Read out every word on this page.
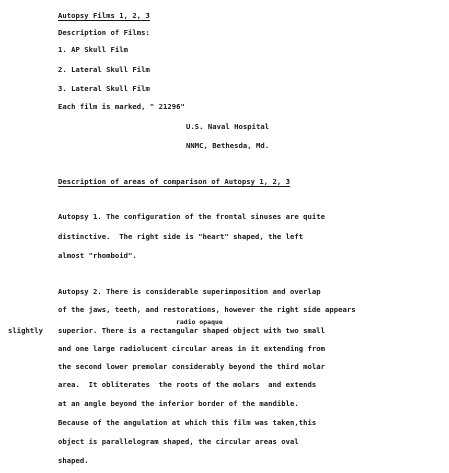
Autopsy Films 1, 2, 3
Description of Films:
1. AP Skull Film
2. Lateral Skull Film
3. Lateral Skull Film
Each film is marked, " 21296"
U.S. Naval Hospital
NNMC, Bethesda, Md.
Description of areas of comparison of Autopsy 1, 2, 3
Autopsy 1. The configuration of the frontal sinuses are quite
distinctive.  The right side is "heart" shaped, the left
almost "rhomboid".
Autopsy 2. There is considerable superimposition and overlap
of the jaws, teeth, and restorations, however the right side appears
radio opaque
slightly superior. There is a rectangular shaped object with two small
and one large radiolucent circular areas in it extending from
the second lower premolar considerably beyond the third molar
area.  It obliterates  the roots of the molars  and extends
at an angle beyond the inferior border of the mandible.
Because of the angulation at which this film was taken,this
object is parallelogram shaped, the circular areas oval
shaped.
